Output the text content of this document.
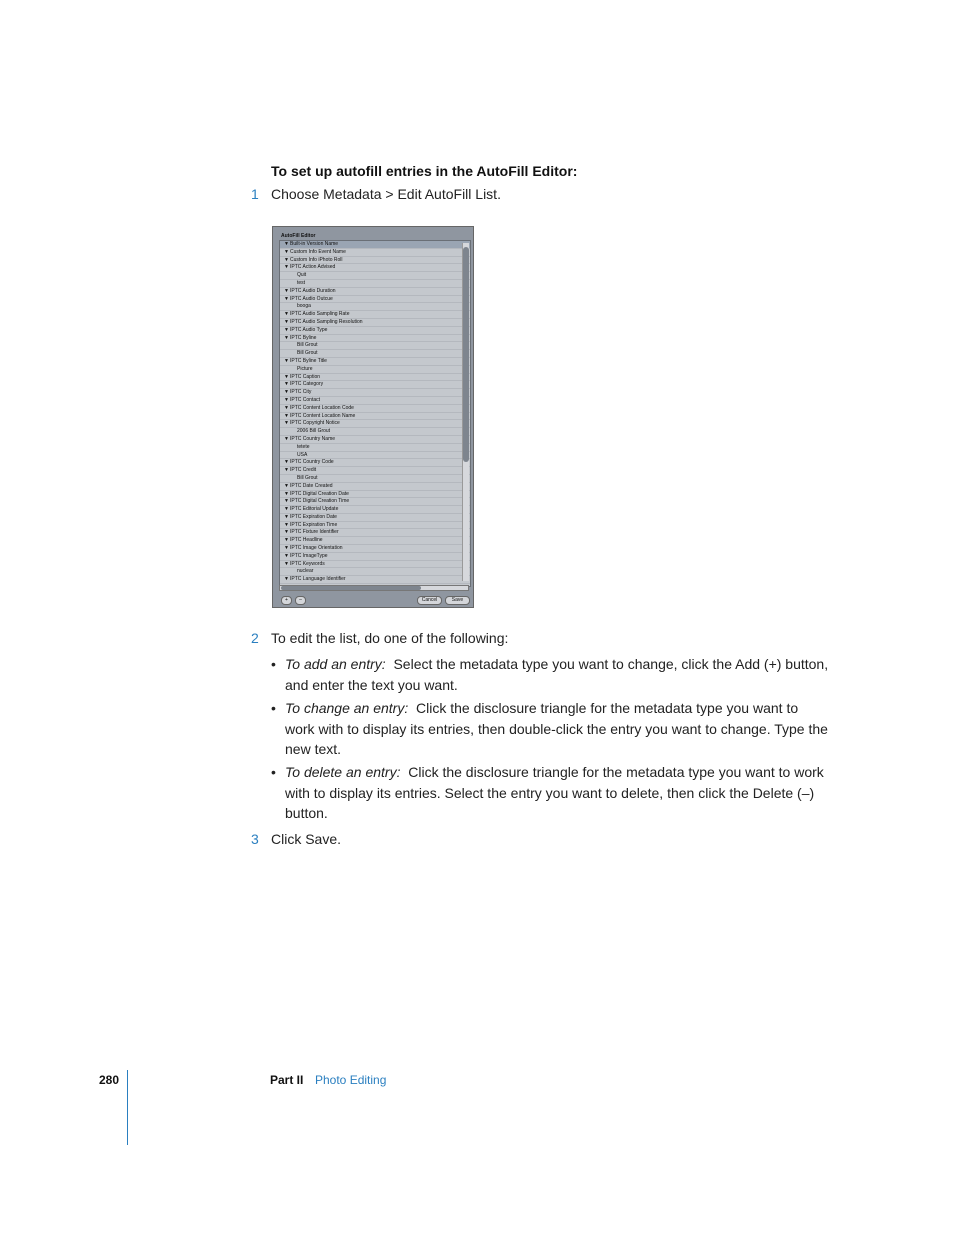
To set up autofill entries in the AutoFill Editor:
1 Choose Metadata > Edit AutoFill List.
AutoFill Editor
▼Built-in Version Name
▼Custom Info Event Name
▼Custom Info iPhoto Roll
▼IPTC Action Advised
Quit
test
▼IPTC Audio Duration
▼IPTC Audio Outcue
booga
▼IPTC Audio Sampling Rate
▼IPTC Audio Sampling Resolution
▼IPTC Audio Type
▼IPTC Byline
Bill Grout
Bill Grout
▼IPTC Byline Title
Picture
▼IPTC Caption
▼IPTC Category
▼IPTC City
▼IPTC Contact
▼IPTC Content Location Code
▼IPTC Content Location Name
▼IPTC Copyright Notice
2006 Bill Grout
▼IPTC Country Name
tetete
USA
▼IPTC Country Code
▼IPTC Credit
Bill Grout
▼IPTC Date Created
▼IPTC Digital Creation Date
▼IPTC Digital Creation Time
▼IPTC Editorial Update
▼IPTC Expiration Date
▼IPTC Expiration Time
▼IPTC Fixture Identifier
▼IPTC Headline
▼IPTC Image Orientation
▼IPTC ImageType
▼IPTC Keywords
nuclear
▼IPTC Language Identifier
+	–	Cancel	Save
2 To edit the list, do one of the following:
• To add an entry: Select the metadata type you want to change, click the Add (+) button, and enter the text you want.
• To change an entry: Click the disclosure triangle for the metadata type you want to work with to display its entries, then double-click the entry you want to change. Type the new text.
• To delete an entry: Click the disclosure triangle for the metadata type you want to work with to display its entries. Select the entry you want to delete, then click the Delete (–) button.
3 Click Save.
280	Part II Photo Editing
